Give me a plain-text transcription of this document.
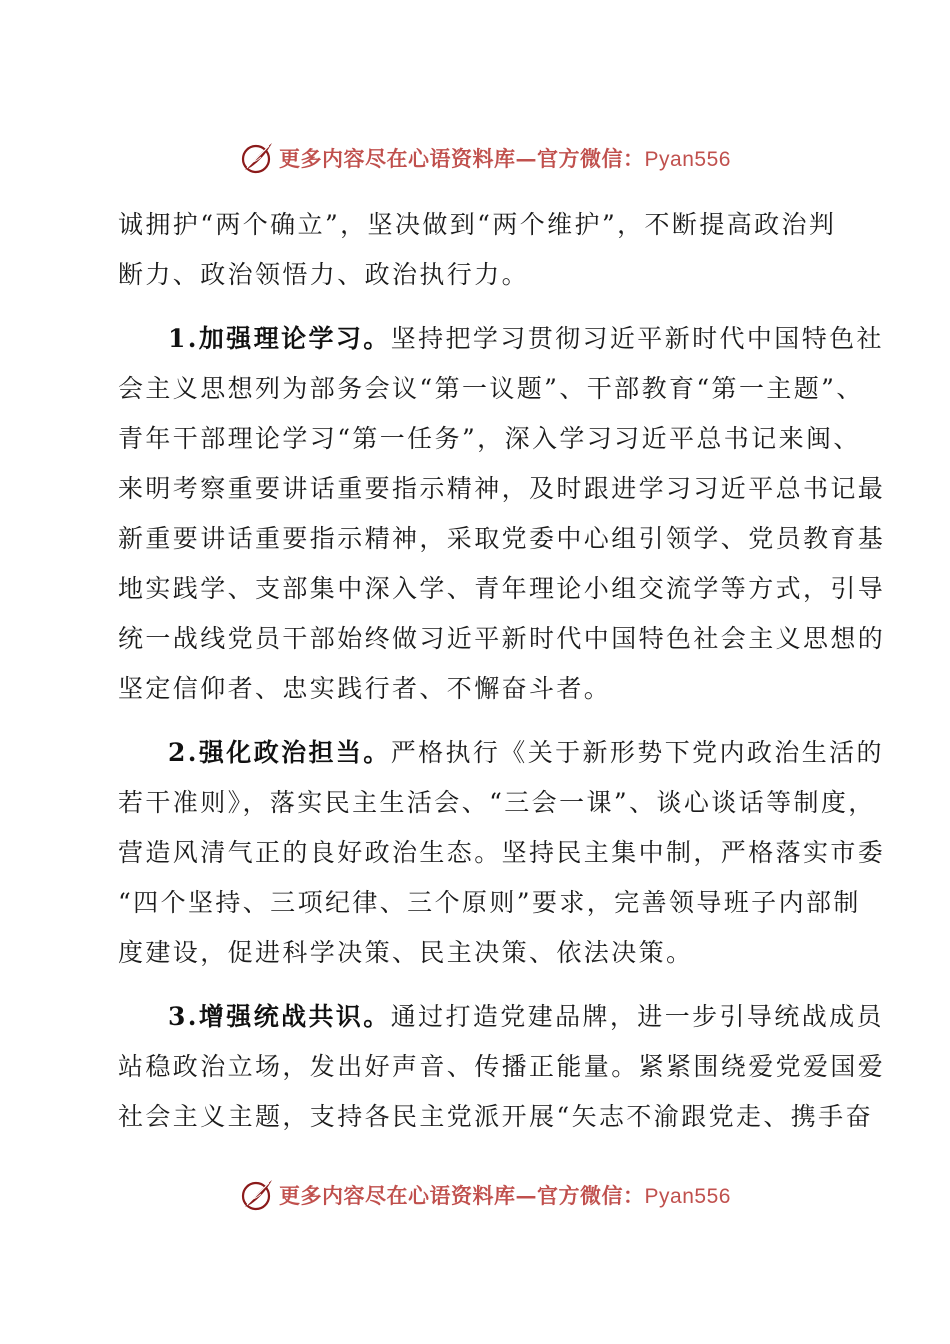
更多内容尽在心语资料库—官方微信：Pyan556
诚拥护“两个确立”，坚决做到“两个维护”，不断提高政治判
断力、政治领悟力、政治执行力。
1.加强理论学习。坚持把学习贯彻习近平新时代中国特色社
会主义思想列为部务会议“第一议题”、干部教育“第一主题”、
青年干部理论学习“第一任务”，深入学习习近平总书记来闽、
来明考察重要讲话重要指示精神，及时跟进学习习近平总书记最
新重要讲话重要指示精神，采取党委中心组引领学、党员教育基
地实践学、支部集中深入学、青年理论小组交流学等方式，引导
统一战线党员干部始终做习近平新时代中国特色社会主义思想的
坚定信仰者、忠实践行者、不懈奋斗者。
2.强化政治担当。严格执行《关于新形势下党内政治生活的
若干准则》，落实民主生活会、“三会一课”、谈心谈话等制度，
营造风清气正的良好政治生态。坚持民主集中制，严格落实市委
“四个坚持、三项纪律、三个原则”要求，完善领导班子内部制
度建设，促进科学决策、民主决策、依法决策。
3.增强统战共识。通过打造党建品牌，进一步引导统战成员
站稳政治立场，发出好声音、传播正能量。紧紧围绕爱党爱国爱
社会主义主题，支持各民主党派开展“矢志不渝跟党走、携手奋
更多内容尽在心语资料库—官方微信：Pyan556
